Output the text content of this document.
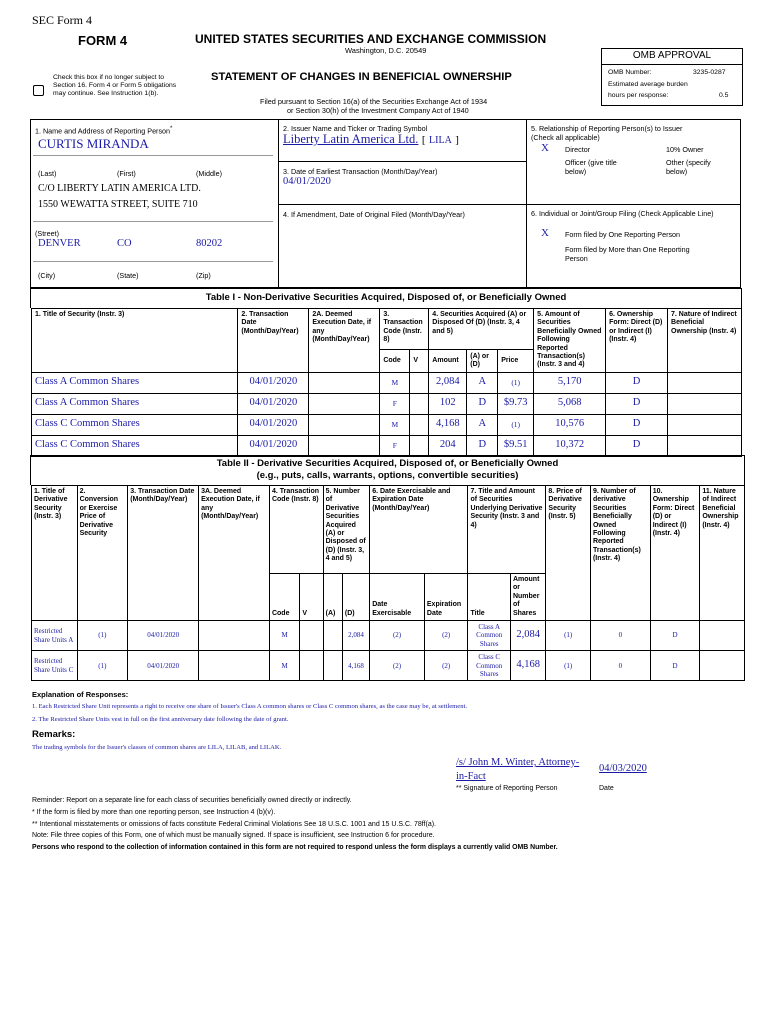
SEC Form 4
FORM 4	UNITED STATES SECURITIES AND EXCHANGE COMMISSION
Washington, D.C. 20549
STATEMENT OF CHANGES IN BENEFICIAL OWNERSHIP
Filed pursuant to Section 16(a) of the Securities Exchange Act of 1934
or Section 30(h) of the Investment Company Act of 1940
Check this box if no longer subject to Section 16. Form 4 or Form 5 obligations may continue. See Instruction 1(b).
OMB APPROVAL
OMB Number:	3235-0287
Estimated average burden
hours per response:	0.5
1. Name and Address of Reporting Person*
CURTIS MIRANDA
(Last)	(First)	(Middle)
C/O LIBERTY LATIN AMERICA LTD.
1550 WEWATTA STREET, SUITE 710
(Street)
DENVER	CO	80202
(City)	(State)	(Zip)
2. Issuer Name and Ticker or Trading Symbol
Liberty Latin America Ltd. [ LILA ]
3. Date of Earliest Transaction (Month/Day/Year)
04/01/2020
4. If Amendment, Date of Original Filed (Month/Day/Year)
5. Relationship of Reporting Person(s) to Issuer
(Check all applicable)
X Director	10% Owner
Officer (give title below)
Other (specify below)
6. Individual or Joint/Group Filing (Check Applicable Line)
X Form filed by One Reporting Person
Form filed by More than One Reporting Person
Table I - Non-Derivative Securities Acquired, Disposed of, or Beneficially Owned
1. Title of Security (Instr. 3)	2. Transaction Date (Month/Day/Year)	2A. Deemed Execution Date, if any (Month/Day/Year)	3. Transaction Code (Instr. 8)		4. Securities Acquired (A) or Disposed Of (D) (Instr. 3, 4 and 5)			5. Amount of Securities Beneficially Owned Following Reported Transaction(s) (Instr. 3 and 4)	6. Ownership Form: Direct (D) or Indirect (I) (Instr. 4)	7. Nature of Indirect Beneficial Ownership (Instr. 4)
			Code	V	Amount	(A) or (D)	Price			
Class A Common Shares	04/01/2020		M		2,084	A	(1)	5,170	D	
Class A Common Shares	04/01/2020		F		102	D	$9.73	5,068	D	
Class C Common Shares	04/01/2020		M		4,168	A	(1)	10,576	D	
Class C Common Shares	04/01/2020		F		204	D	$9.51	10,372	D	
Table II - Derivative Securities Acquired, Disposed of, or Beneficially Owned
(e.g., puts, calls, warrants, options, convertible securities)
1. Title of Derivative Security (Instr. 3)	2. Conversion or Exercise Price of Derivative Security	3. Transaction Date (Month/Day/Year)	3A. Deemed Execution Date, if any (Month/Day/Year)	4. Transaction Code (Instr. 8)		5. Number of Derivative Securities Acquired (A) or Disposed of (D) (Instr. 3, 4 and 5)		6. Date Exercisable and Expiration Date (Month/Day/Year)		7. Title and Amount of Securities Underlying Derivative Security (Instr. 3 and 4)		8. Price of Derivative Security (Instr. 5)	9. Number of derivative Securities Beneficially Owned Following Reported Transaction(s) (Instr. 4)	10. Ownership Form: Direct (D) or Indirect (I) (Instr. 4)	11. Nature of Indirect Beneficial Ownership (Instr. 4)
				Code	V	(A)	(D)	Date Exercisable	Expiration Date	Title	Amount or Number of Shares				
Restricted Share Units A	(1)	04/01/2020		M			2,084	(2)	(2)	Class A Common Shares	2,084	(1)	0	D	
Restricted Share Units C	(1)	04/01/2020		M			4,168	(2)	(2)	Class C Common Shares	4,168	(1)	0	D	
Explanation of Responses:
1. Each Restricted Share Unit represents a right to receive one share of Issuer's Class A common shares or Class C common shares, as the case may be, at settlement.
2. The Restricted Share Units vest in full on the first anniversary date following the date of grant.
Remarks:
The trading symbols for the Issuer's classes of common shares are LILA, LILAB, and LILAK.
/s/ John M. Winter, Attorney-
in-Fact
04/03/2020
** Signature of Reporting Person	Date
Reminder: Report on a separate line for each class of securities beneficially owned directly or indirectly.
* If the form is filed by more than one reporting person, see Instruction 4 (b)(v).
** Intentional misstatements or omissions of facts constitute Federal Criminal Violations See 18 U.S.C. 1001 and 15 U.S.C. 78ff(a).
Note: File three copies of this Form, one of which must be manually signed. If space is insufficient, see Instruction 6 for procedure.
Persons who respond to the collection of information contained in this form are not required to respond unless the form displays a currently valid OMB Number.
